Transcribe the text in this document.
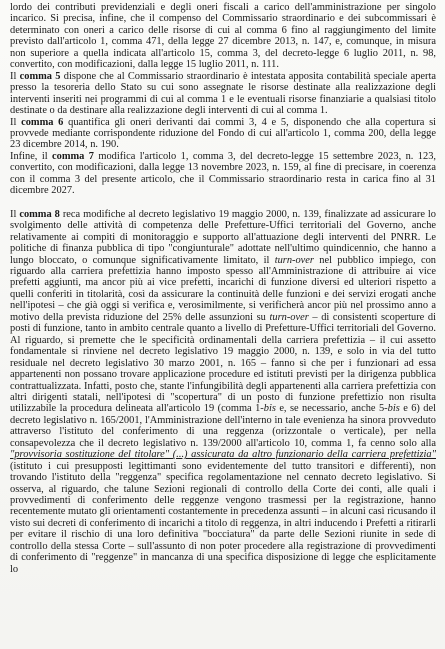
lordo dei contributi previdenziali e degli oneri fiscali a carico dell'amministrazione per singolo incarico. Si precisa, infine, che il compenso del Commissario straordinario e dei subcommissari è determinato con oneri a carico delle risorse di cui al comma 6 fino al raggiungimento del limite previsto dall'articolo 1, comma 471, della legge 27 dicembre 2013, n. 147, e, comunque, in misura non superiore a quella indicata all'articolo 15, comma 3, del decreto-legge 6 luglio 2011, n. 98, convertito, con modificazioni, dalla legge 15 luglio 2011, n. 111.

Il comma 5 dispone che al Commissario straordinario è intestata apposita contabilità speciale aperta presso la tesoreria dello Stato su cui sono assegnate le risorse destinate alla realizzazione degli interventi inseriti nei programmi di cui al comma 1 e le eventuali risorse finanziarie a qualsiasi titolo destinate o da destinare alla realizzazione degli interventi di cui al comma 1.

Il comma 6 quantifica gli oneri derivanti dai commi 3, 4 e 5, disponendo che alla copertura si provvede mediante corrispondente riduzione del Fondo di cui all'articolo 1, comma 200, della legge 23 dicembre 2014, n. 190.

Infine, il comma 7 modifica l'articolo 1, comma 3, del decreto-legge 15 settembre 2023, n. 123, convertito, con modificazioni, dalla legge 13 novembre 2023, n. 159, al fine di precisare, in coerenza con il comma 3 del presente articolo, che il Commissario straordinario resta in carica fino al 31 dicembre 2027.

Il comma 8 reca modifiche al decreto legislativo 19 maggio 2000, n. 139, finalizzate ad assicurare lo svolgimento delle attività di competenza delle Prefetture-Uffici territoriali del Governo, anche relativamente ai compiti di monitoraggio e supporto all'attuazione degli interventi del PNRR. Le politiche di finanza pubblica di tipo "congiunturale" adottate nell'ultimo quindicennio, che hanno a lungo bloccato, o comunque significativamente limitato, il turn-over nel pubblico impiego, con riguardo alla carriera prefettizia hanno imposto spesso all'Amministrazione di attribuire ai vice prefetti aggiunti, ma ancor più ai vice prefetti, incarichi di funzione diversi ed ulteriori rispetto a quelli conferiti in titolarità, così da assicurare la continuità delle funzioni e dei servizi erogati anche nell'ipotesi – che già oggi si verifica e, verosimilmente, si verificherà ancor più nel prossimo anno a motivo della prevista riduzione del 25% delle assunzioni su turn-over – di consistenti scoperture di posti di funzione, tanto in ambito centrale quanto a livello di Prefetture-Uffici territoriali del Governo. Al riguardo, si premette che le specificità ordinamentali della carriera prefettizia – il cui assetto fondamentale si rinviene nel decreto legislativo 19 maggio 2000, n. 139, e solo in via del tutto residuale nel decreto legislativo 30 marzo 2001, n. 165 – fanno sì che per i funzionari ad essa appartenenti non possano trovare applicazione procedure ed istituti previsti per la dirigenza pubblica contrattualizzata. Infatti, posto che, stante l'infungibilità degli appartenenti alla carriera prefettizia con altri dirigenti statali, nell'ipotesi di "scopertura" di un posto di funzione prefettizio non risulta utilizzabile la procedura delineata all'articolo 19 (comma 1-bis e, se necessario, anche 5-bis e 6) del decreto legislativo n. 165/2001, l'Amministrazione dell'interno in tale evenienza ha sinora provveduto attraverso l'istituto del conferimento di una reggenza (orizzontale o verticale), per nella consapevolezza che il decreto legislativo n. 139/2000 all'articolo 10, comma 1, fa cenno solo alla "provvisoria sostituzione del titolare" (...) assicurata da altro funzionario della carriera prefettizia" (istituto i cui presupposti legittimanti sono evidentemente del tutto transitori e differenti), non trovando l'istituto della "reggenza" specifica regolamentazione nel cennato decreto legislativo. Si osserva, al riguardo, che talune Sezioni regionali di controllo della Corte dei conti, alle quali i provvedimenti di conferimento delle reggenze vengono trasmessi per la registrazione, hanno recentemente mutato gli orientamenti costantemente in precedenza assunti – in alcuni casi ricusando il visto sui decreti di conferimento di incarichi a titolo di reggenza, in altri inducendo i Prefetti a ritirarli per evitare il rischio di una loro definitiva "bocciatura" da parte delle Sezioni riunite in sede di controllo della stessa Corte – sull'assunto di non poter procedere alla registrazione di provvedimenti di conferimento di "reggenze" in mancanza di una specifica disposizione di legge che esplicitamente lo
